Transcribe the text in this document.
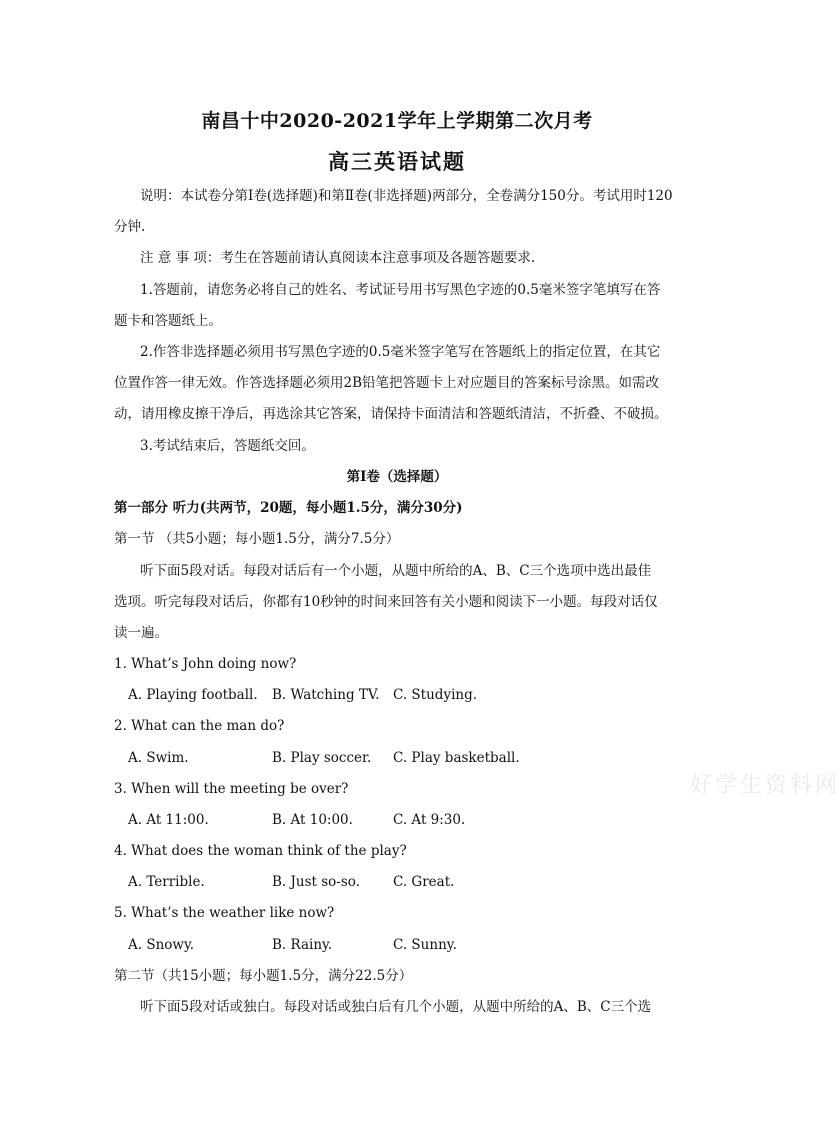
南昌十中2020-2021学年上学期第二次月考
高三英语试题
说明：本试卷分第Ⅰ卷(选择题)和第Ⅱ卷(非选择题)两部分，全卷满分150分。考试用时120
分钟.
注 意 事 项：考生在答题前请认真阅读本注意事项及各题答题要求.
1.答题前，请您务必将自己的姓名、考试证号用书写黑色字迹的0.5毫米签字笔填写在答
题卡和答题纸上。
2.作答非选择题必须用书写黑色字迹的0.5毫米签字笔写在答题纸上的指定位置，在其它
位置作答一律无效。作答选择题必须用2B铅笔把答题卡上对应题目的答案标号涂黑。如需改
动，请用橡皮擦干净后，再选涂其它答案，请保持卡面清洁和答题纸清洁，不折叠、不破损。
3.考试结束后，答题纸交回。
第Ⅰ卷（选择题）
第一部分 听力(共两节，20题，每小题1.5分，满分30分)
第一节 （共5小题；每小题1.5分，满分7.5分）
听下面5段对话。每段对话后有一个小题，从题中所给的A、B、C三个选项中选出最佳
选项。听完每段对话后，你都有10秒钟的时间来回答有关小题和阅读下一小题。每段对话仅
读一遍。
1. What’s John doing now?
A. Playing football. B. Watching TV. C. Studying.
2. What can the man do?
A. Swim.	B. Play soccer. C. Play basketball.
3. When will the meeting be over?
A. At 11:00.	B. At 10:00.	C. At 9:30.
4. What does the woman think of the play?
A. Terrible.	B. Just so-so. C. Great.
5. What’s the weather like now?
A. Snowy.	B. Rainy.	C. Sunny.
第二节（共15小题；每小题1.5分，满分22.5分）
听下面5段对话或独白。每段对话或独白后有几个小题，从题中所给的A、B、C三个选
好学生资料网
